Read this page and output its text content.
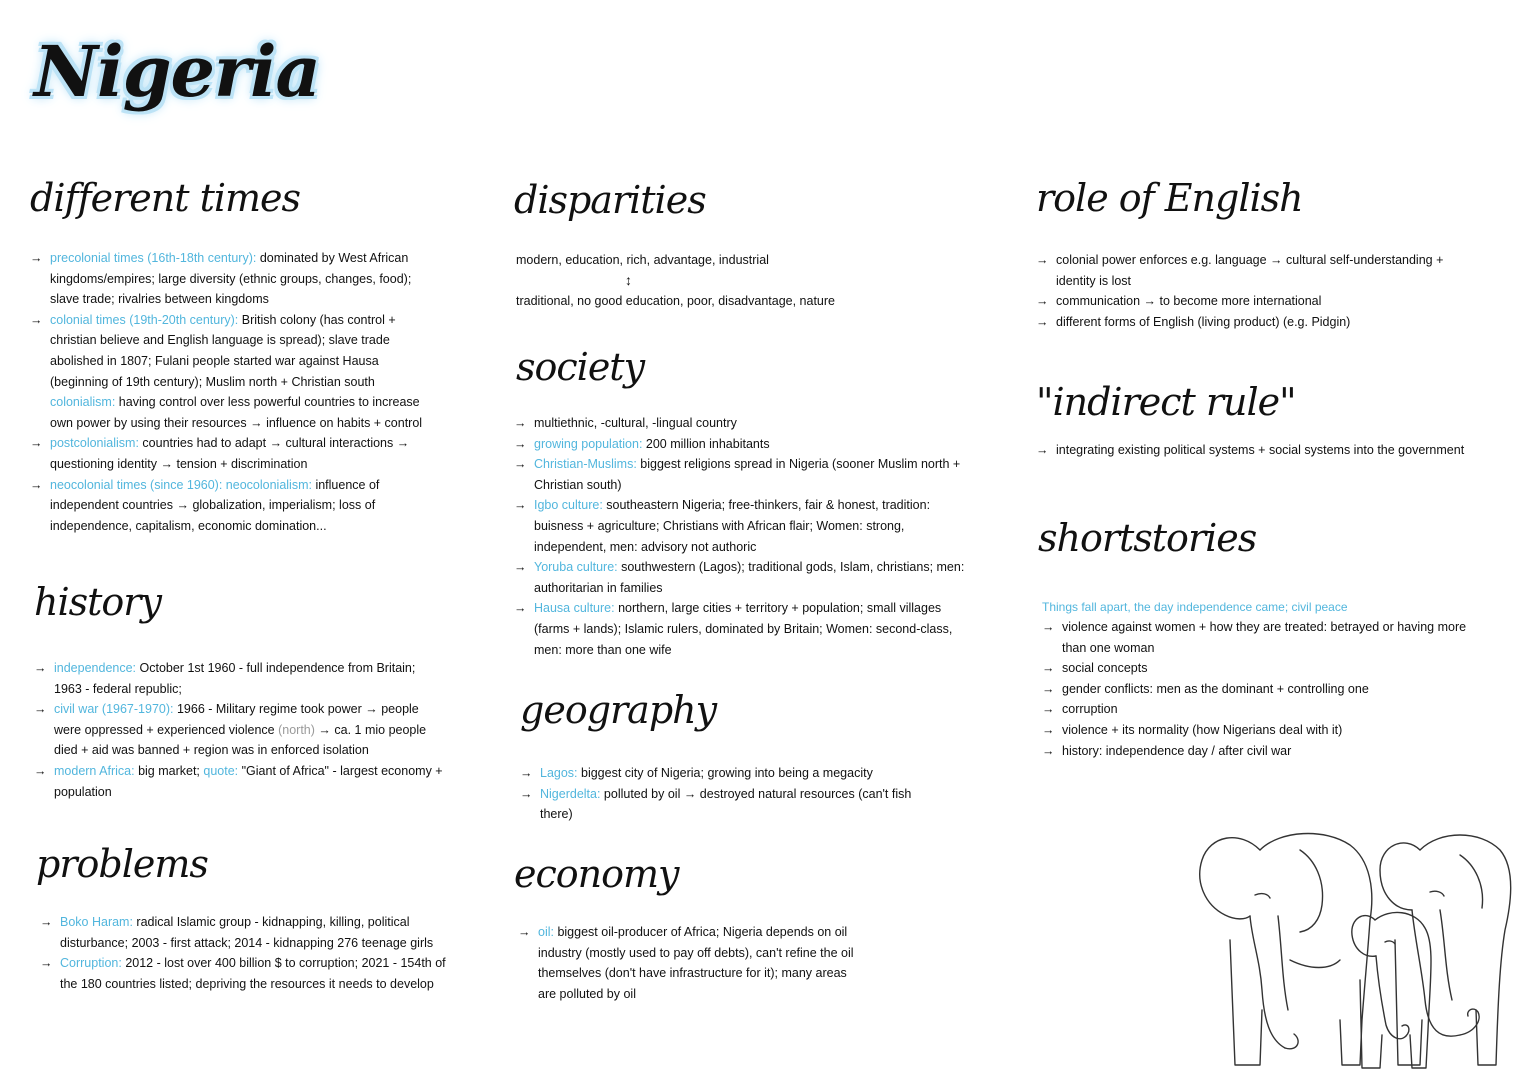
Nigeria
different times
→ precolonial times (16th-18th century): dominated by West African kingdoms/empires; large diversity (ethnic groups, changes, food); slave trade; rivalries between kingdoms
→ colonial times (19th-20th century): British colony (has control + christian believe and English language is spread); slave trade abolished in 1807; Fulani people started war against Hausa (beginning of 19th century); Muslim north + Christian south
colonialism: having control over less powerful countries to increase own power by using their resources → influence on habits + control
→ postcolonialism: countries had to adapt → cultural interactions → questioning identity → tension + discrimination
→ neocolonial times (since 1960): neocolonialism: influence of independent countries → globalization, imperialism; loss of independence, capitalism, economic domination...
history
→ independence: October 1st 1960 - full independence from Britain; 1963 - federal republic;
→ civil war (1967-1970): 1966 - Military regime took power → people were oppressed + experienced violence (north) → ca. 1 mio people died + aid was banned + region was in enforced isolation
→ modern Africa: big market; quote: "Giant of Africa" - largest economy + population
problems
→ Boko Haram: radical Islamic group - kidnapping, killing, political disturbance; 2003 - first attack; 2014 - kidnapping 276 teenage girls
→ Corruption: 2012 - lost over 400 billion $ to corruption; 2021 - 154th of the 180 countries listed; depriving the resources it needs to develop
disparities
modern, education, rich, advantage, industrial
↕
traditional, no good education, poor, disadvantage, nature
society
→ multiethnic, -cultural, -lingual country
→ growing population: 200 million inhabitants
→ Christian-Muslims: biggest religions spread in Nigeria (sooner Muslim north + Christian south)
→ Igbo culture: southeastern Nigeria; free-thinkers, fair & honest, tradition: buisness + agriculture; Christians with African flair; Women: strong, independent, men: advisory not authoric
→ Yoruba culture: southwestern (Lagos); traditional gods, Islam, christians; men: authoritarian in families
→ Hausa culture: northern, large cities + territory + population; small villages (farms + lands); Islamic rulers, dominated by Britain; Women: second-class, men: more than one wife
geography
→ Lagos: biggest city of Nigeria; growing into being a megacity
→ Nigerdelta: polluted by oil → destroyed natural resources (can't fish there)
economy
→ oil: biggest oil-producer of Africa; Nigeria depends on oil industry (mostly used to pay off debts), can't refine the oil themselves (don't have infrastructure for it); many areas are polluted by oil
role of English
→ colonial power enforces e.g. language → cultural self-understanding + identity is lost
→ communication → to become more international
→ different forms of English (living product) (e.g. Pidgin)
"indirect rule"
→ integrating existing political systems + social systems into the government
shortstories
Things fall apart, the day independence came; civil peace
→ violence against women + how they are treated: betrayed or having more than one woman
→ social concepts
→ gender conflicts: men as the dominant + controlling one
→ corruption
→ violence + its normality (how Nigerians deal with it)
→ history: independence day / after civil war
